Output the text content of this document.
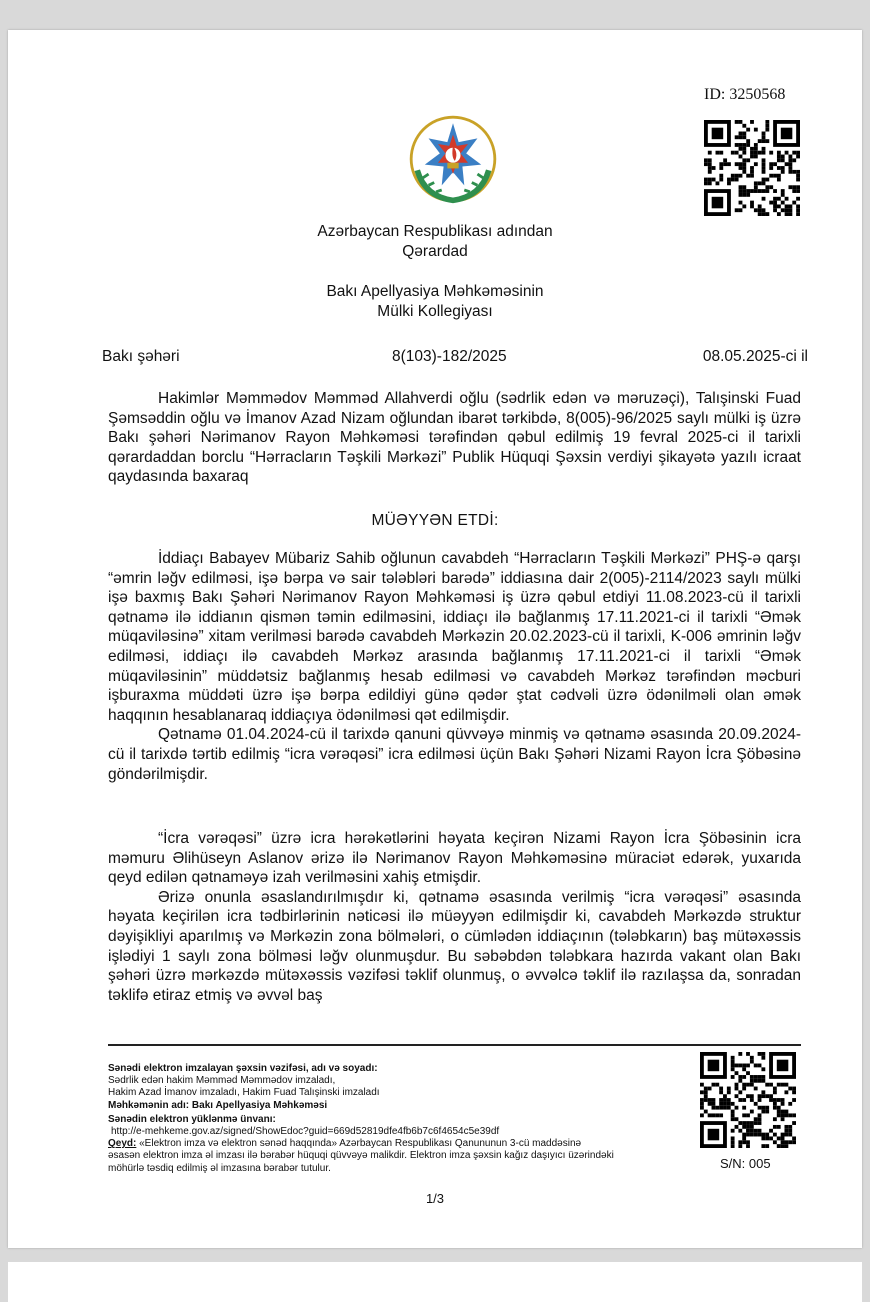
ID: 3250568
Azərbaycan Respublikası adından
Qərardad
Bakı Apellyasiya Məhkəməsinin
Mülki Kollegiyası
Bakı şəhəri	8(103)-182/2025	08.05.2025-ci il

Hakimlər Məmmədov Məmməd Allahverdi oğlu (sədrlik edən və məruzəçi), Talışinski Fuad Şəmsəddin oğlu və İmanov Azad Nizam oğlundan ibarət tərkibdə, 8(005)-96/2025 saylı mülki iş üzrə Bakı şəhəri Nərimanov Rayon Məhkəməsi tərəfindən qəbul edilmiş 19 fevral 2025-ci il tarixli qərardaddan borclu “Hərracların Təşkili Mərkəzi” Publik Hüquqi Şəxsin verdiyi şikayətə yazılı icraat qaydasında baxaraq

MÜƏYYƏN ETDİ:

İddiaçı Babayev Mübariz Sahib oğlunun cavabdeh “Hərracların Təşkili Mərkəzi” PHŞ-ə qarşı “əmrin ləğv edilməsi, işə bərpa və sair tələbləri barədə” iddiasına dair 2(005)-2114/2023 saylı mülki işə baxmış Bakı Şəhəri Nərimanov Rayon Məhkəməsi iş üzrə qəbul etdiyi 11.08.2023-cü il tarixli qətnamə ilə iddianın qismən təmin edilməsini, iddiaçı ilə bağlanmış 17.11.2021-ci il tarixli “Əmək müqaviləsinə” xitam verilməsi barədə cavabdeh Mərkəzin 20.02.2023-cü il tarixli, K-006 əmrinin ləğv edilməsi, iddiaçı ilə cavabdeh Mərkəz arasında bağlanmış 17.11.2021-ci il tarixli “Əmək müqaviləsinin” müddətsiz bağlanmış hesab edilməsi və cavabdeh Mərkəz tərəfindən məcburi işburaxma müddəti üzrə işə bərpa edildiyi günə qədər ştat cədvəli üzrə ödənilməli olan əmək haqqının hesablanaraq iddiaçıya ödənilməsi qət edilmişdir.

Qətnamə 01.04.2024-cü il tarixdə qanuni qüvvəyə minmiş və qətnamə əsasında 20.09.2024-cü il tarixdə tərtib edilmiş “icra vərəqəsi” icra edilməsi üçün Bakı Şəhəri Nizami Rayon İcra Şöbəsinə göndərilmişdir.

“İcra vərəqəsi” üzrə icra hərəkətlərini həyata keçirən Nizami Rayon İcra Şöbəsinin icra məmuru Əlihüseyn Aslanov ərizə ilə Nərimanov Rayon Məhkəməsinə müraciət edərək, yuxarıda qeyd edilən qətnaməyə izah verilməsini xahiş etmişdir.

Ərizə onunla əsaslandırılmışdır ki, qətnamə əsasında verilmiş “icra vərəqəsi” əsasında həyata keçirilən icra tədbirlərinin nəticəsi ilə müəyyən edilmişdir ki, cavabdeh Mərkəzdə struktur dəyişikliyi aparılmış və Mərkəzin zona bölmələri, o cümlədən iddiaçının (tələbkarın) baş mütəxəssis işlədiyi 1 saylı zona bölməsi ləğv olunmuşdur. Bu səbəbdən tələbkara hazırda vakant olan Bakı şəhəri üzrə mərkəzdə mütəxəssis vəzifəsi təklif olunmuş, o əvvəlcə təklif ilə razılaşsa da, sonradan təklifə etiraz etmiş və əvvəl baş

Sənədi elektron imzalayan şəxsin vəzifəsi, adı və soyadı:
Sədrlik edən hakim Məmməd Məmmədov imzaladı,
Hakim Azad İmanov imzaladı, Hakim Fuad Talışinski imzaladı
Məhkəmənin adı: Bakı Apellyasiya Məhkəməsi
Sənədin elektron yüklənmə ünvanı:
http://e-mehkeme.gov.az/signed/ShowEdoc?guid=669d52819dfe4fb6b7c6f4654c5e39df
Qeyd: «Elektron imza və elektron sənəd haqqında» Azərbaycan Respublikası Qanununun 3-cü maddəsinə
əsasən elektron imza əl imzası ilə bərabər hüquqi qüvvəyə malikdir. Elektron imza şəxsin kağız daşıyıcı üzərindəki
möhürlə təsdiq edilmiş əl imzasına bərabər tutulur.	S/N: 005
1/3
